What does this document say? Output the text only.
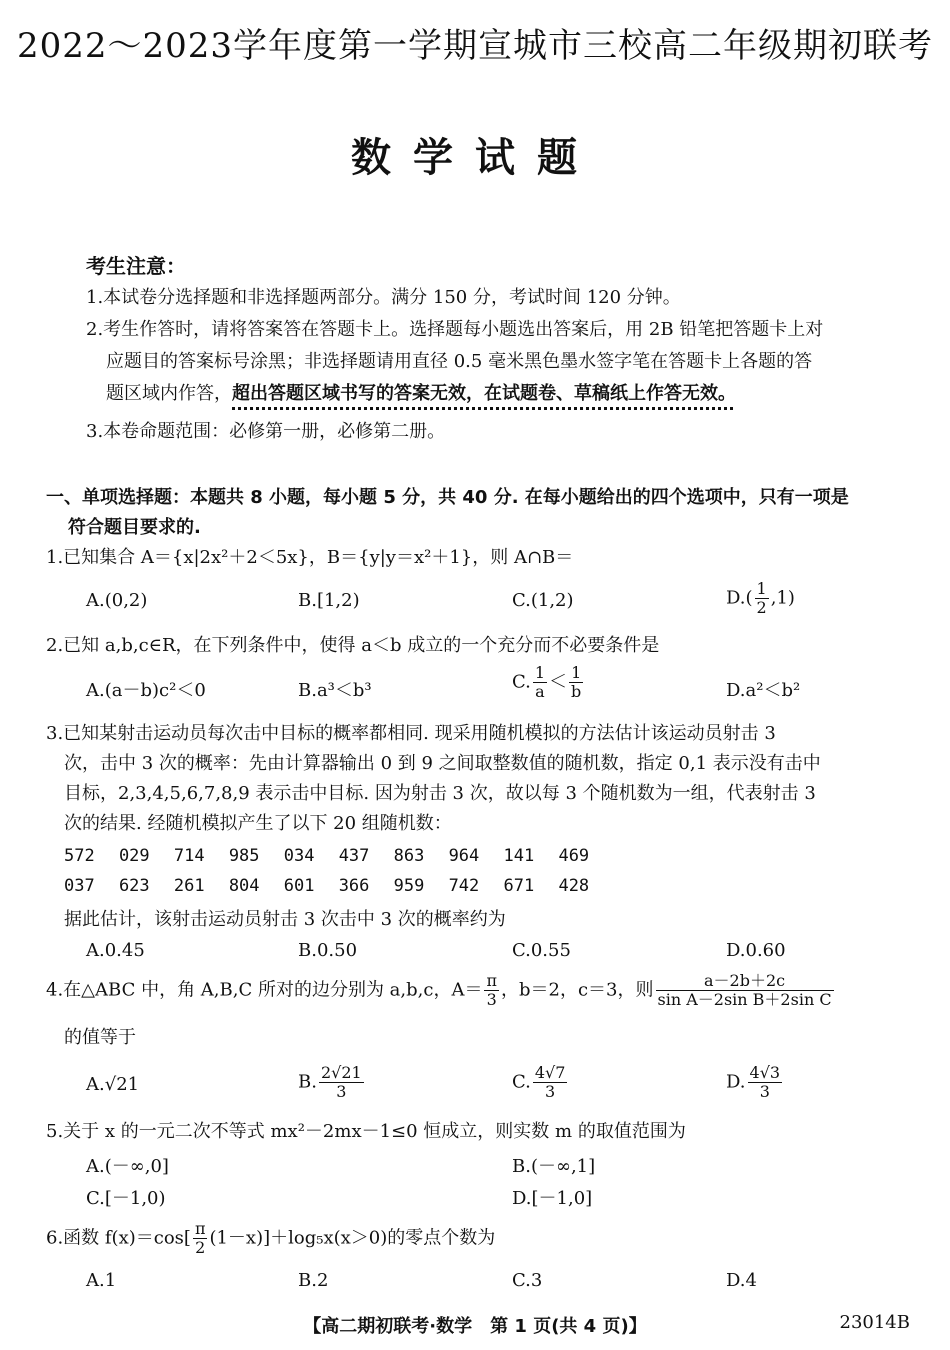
2022～2023学年度第一学期宣城市三校高二年级期初联考
数学试题
考生注意：
1.本试卷分选择题和非选择题两部分。满分 150 分，考试时间 120 分钟。
2.考生作答时，请将答案答在答题卡上。选择题每小题选出答案后，用 2B 铅笔把答题卡上对
应题目的答案标号涂黑；非选择题请用直径 0.5 毫米黑色墨水签字笔在答题卡上各题的答
题区域内作答，超出答题区域书写的答案无效，在试题卷、草稿纸上作答无效。
3.本卷命题范围：必修第一册，必修第二册。
一、单项选择题：本题共 8 小题，每小题 5 分，共 40 分. 在每小题给出的四个选项中，只有一项是
符合题目要求的.
1.已知集合 A＝{x|2x²＋2＜5x}，B＝{y|y＝x²＋1}，则 A∩B＝
A.(0,2)	B.[1,2)	C.(1,2)	$D.( \frac{1}{2} ,1)$
2.已知 a,b,c∈R，在下列条件中，使得 a＜b 成立的一个充分而不必要条件是
A.(a－b)c²＜0	B.a³＜b³	C. $\frac{1}{a} < \frac{1}{b}$	D.a²＜b²
3.已知某射击运动员每次击中目标的概率都相同. 现采用随机模拟的方法估计该运动员射击 3
次，击中 3 次的概率：先由计算器输出 0 到 9 之间取整数值的随机数，指定 0,1 表示没有击中
目标，2,3,4,5,6,7,8,9 表示击中目标. 因为射击 3 次，故以每 3 个随机数为一组，代表射击 3
次的结果. 经随机模拟产生了以下 20 组随机数：
572 029 714 985 034 437 863 964 141 469
037 623 261 804 601 366 959 742 671 428
据此估计，该射击运动员射击 3 次击中 3 次的概率约为
A.0.45	B.0.50	C.0.55	D.0.60
4.在△ABC 中，角 A,B,C 所对的边分别为 a,b,c，$A= \frac{\pi}{3}$ ，b＝2，c＝3，则 $\frac{a-2b+2c}{\text{sin A－2sin B＋2sin C}}$
的值等于
A.√21	B. $\frac{2√21}{3}$	C. $\frac{4√7}{3}$	D. $\frac{4√3}{3}$
5.关于 x 的一元二次不等式 mx²－2mx－1≤0 恒成立，则实数 m 的取值范围为
A.(－∞,0]	B.(－∞,1]
C.[－1,0)	D.[－1,0]
6.函数 $f(x)=\cos[ \frac{\pi}{2} (1-x)]+\log_5x(x>0)$的零点个数为
A.1	B.2	C.3	D.4
【高二期初联考·数学　第 1 页(共 4 页)】	23014B
